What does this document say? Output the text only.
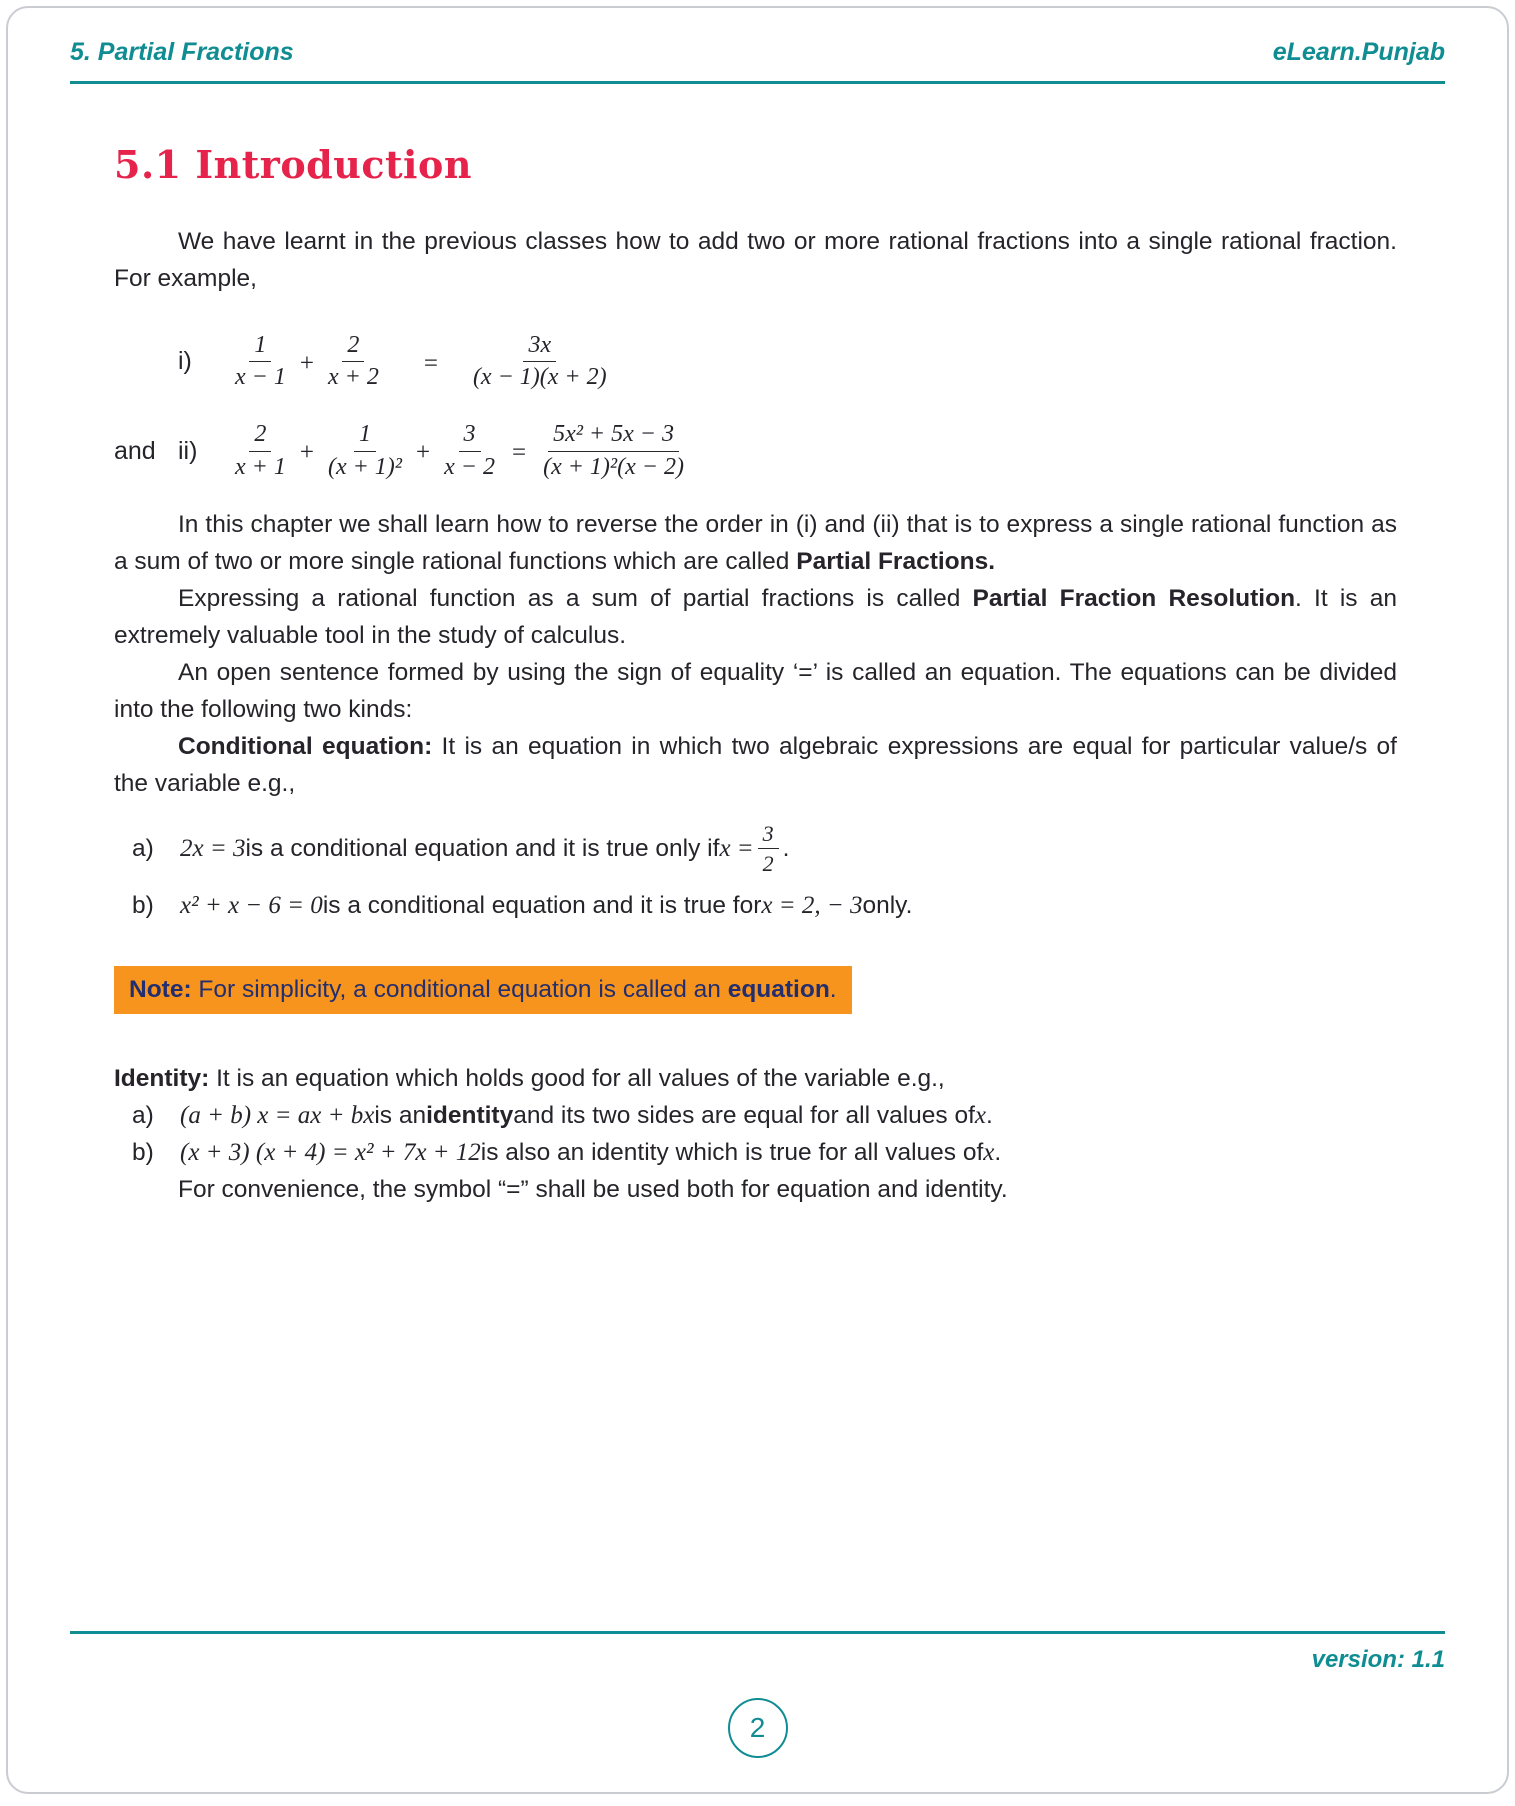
5. Partial Fractions	eLearn.Punjab
5.1 Introduction

We have learnt in the previous classes how to add two or more rational fractions into a single rational fraction. For example,

i)	$\frac{1}{x - 1} + \frac{2}{x + 2} = \frac{3x}{(x - 1)(x + 2)}$
and ii)	$\frac{2}{x + 1} + \frac{1}{\text{(x + 1)²}} + \frac{3}{x - 2} = \frac{\text{5x² + 5x − 3}}{\text{(x + 1)²(x − 2)}}$

In this chapter we shall learn how to reverse the order in (i) and (ii) that is to express a single rational function as a sum of two or more single rational functions which are called Partial Fractions.

Expressing a rational function as a sum of partial fractions is called Partial Fraction Resolution. It is an extremely valuable tool in the study of calculus.

An open sentence formed by using the sign of equality ‘=’ is called an equation. The equations can be divided into the following two kinds:

Conditional equation: It is an equation in which two algebraic expressions are equal for particular value/s of the variable e.g.,

a)	2x = 3 is a conditional equation and it is true only if $x = \frac{3}{2}$ .
b)	x² + x − 6 = 0 is a conditional equation and it is true for x = 2, − 3 only.
Note: For simplicity, a conditional equation is called an equation.

Identity: It is an equation which holds good for all values of the variable e.g.,

a)	(a + b) x = ax + bx is an identity and its two sides are equal for all values of x .
b)	(x + 3) (x + 4) = x² + 7x + 12 is also an identity which is true for all values of x .

For convenience, the symbol “=” shall be used both for equation and identity.

version: 1.1
2
